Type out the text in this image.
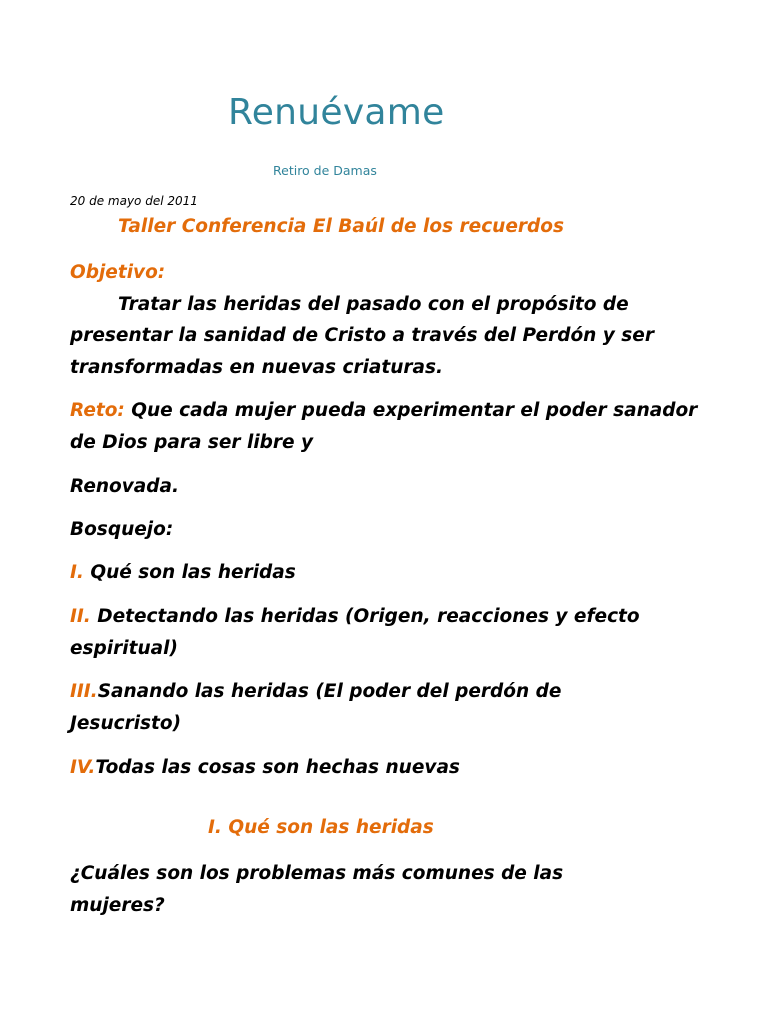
Renuévame
Retiro de Damas
20 de mayo del 2011
Taller Conferencia El Baúl de los recuerdos
Objetivo:
Tratar las heridas del pasado con el propósito de presentar la sanidad de Cristo a través del Perdón y ser transformadas en nuevas criaturas.
Reto: Que cada mujer pueda experimentar el poder sanador de Dios para ser libre y
Renovada.
Bosquejo:
I. Qué son las heridas
II. Detectando las heridas (Origen, reacciones y efecto espiritual)
III.Sanando las heridas (El poder del perdón de Jesucristo)
IV.Todas las cosas son hechas nuevas
I. Qué son las heridas
¿Cuáles son los problemas más comunes de las mujeres?
